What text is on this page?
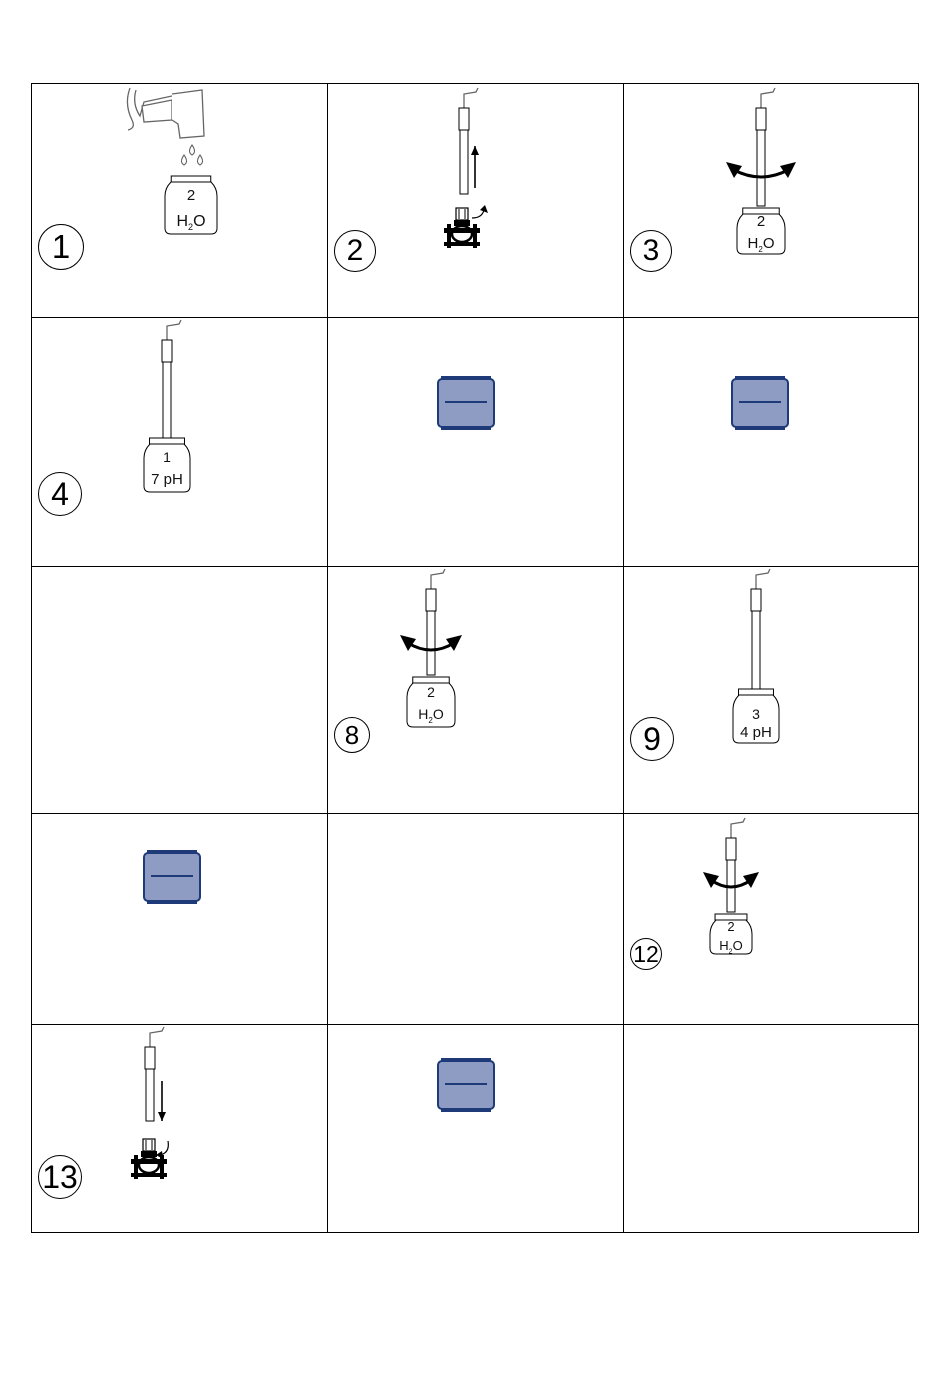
2
$H_2O$
1	2
2
$H_2O$
3
1
7 pH
4
2
$H_2O$
8
3
4 pH
9
2
$H_2O$
12
13
